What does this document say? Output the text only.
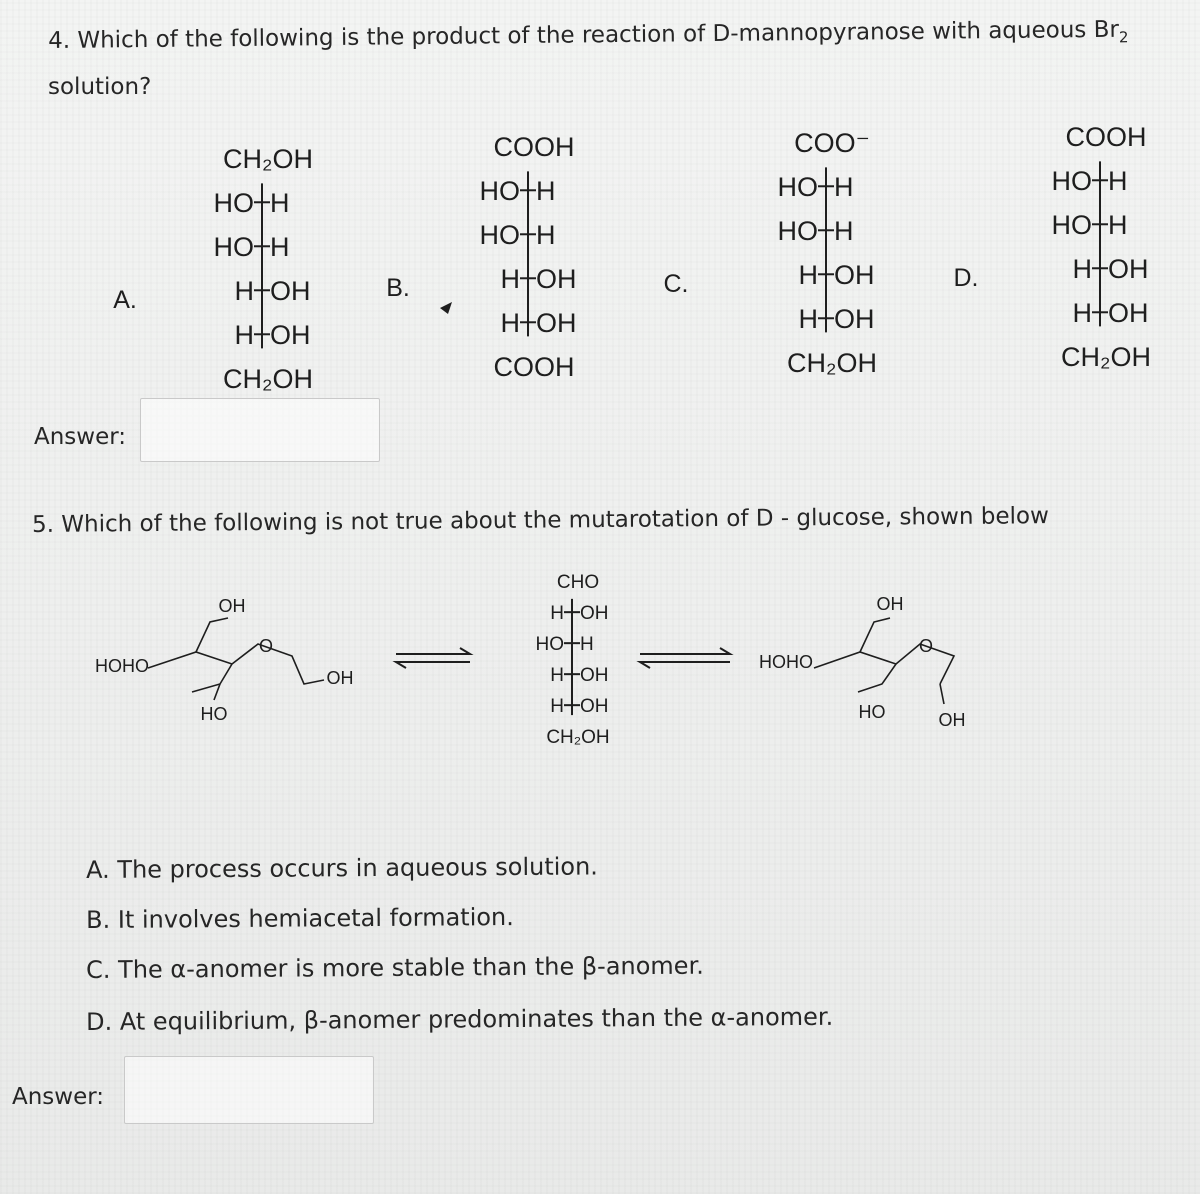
4. Which of the following is the product of the reaction of D-mannopyranose with aqueous $Br_2$
solution?
CH₂OH
HO H
HO H
H OH
H OH
CH₂OH
A.
COOH
HO H
HO H
H OH
H OH
COOH
B.
COO⁻
HO H
HO H
H OH
H OH
CH₂OH
C.
COOH
HO H
HO H
H OH
H OH
CH₂OH
D.
Answer:
5. Which of the following is not true about the mutarotation of D - glucose, shown below
OH
HOHO
O
OH
HO
CHO
H OH
HO H
H OH
H OH
CH₂OH
OH
HOHO
O
HO	OH
A. The process occurs in aqueous solution.
B. It involves hemiacetal formation.
C. The α-anomer is more stable than the β-anomer.
D. At equilibrium, β-anomer predominates than the α-anomer.
Answer:
